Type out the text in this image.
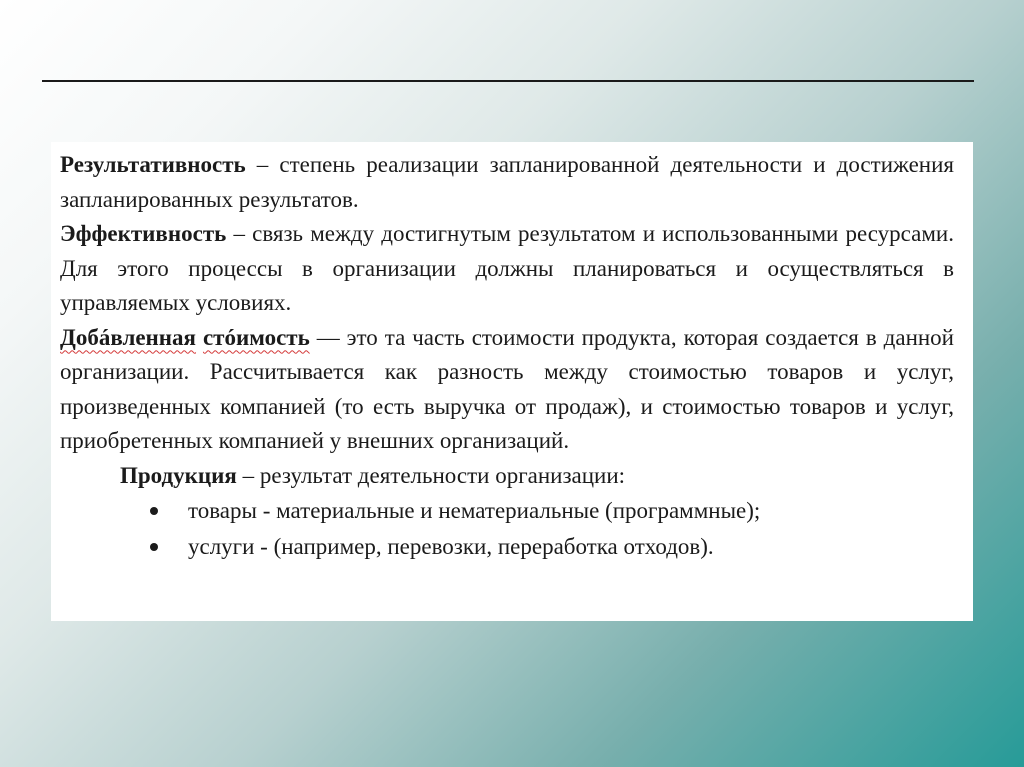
Результативность – степень реализации запланированной деятельности и достижения запланированных результатов.

Эффективность – связь между достигнутым результатом и использованными ресурсами. Для этого процессы в организации должны планироваться и осуществляться в управляемых условиях.

Добáвленная стóимость — это та часть стоимости продукта, которая создается в данной организации. Рассчитывается как разность между стоимостью товаров и услуг, произведенных компанией (то есть выручка от продаж), и стоимостью товаров и услуг, приобретенных компанией у внешних организаций.

Продукция – результат деятельности организации:

товары - материальные и нематериальные (программные);
услуги - (например, перевозки, переработка отходов).
